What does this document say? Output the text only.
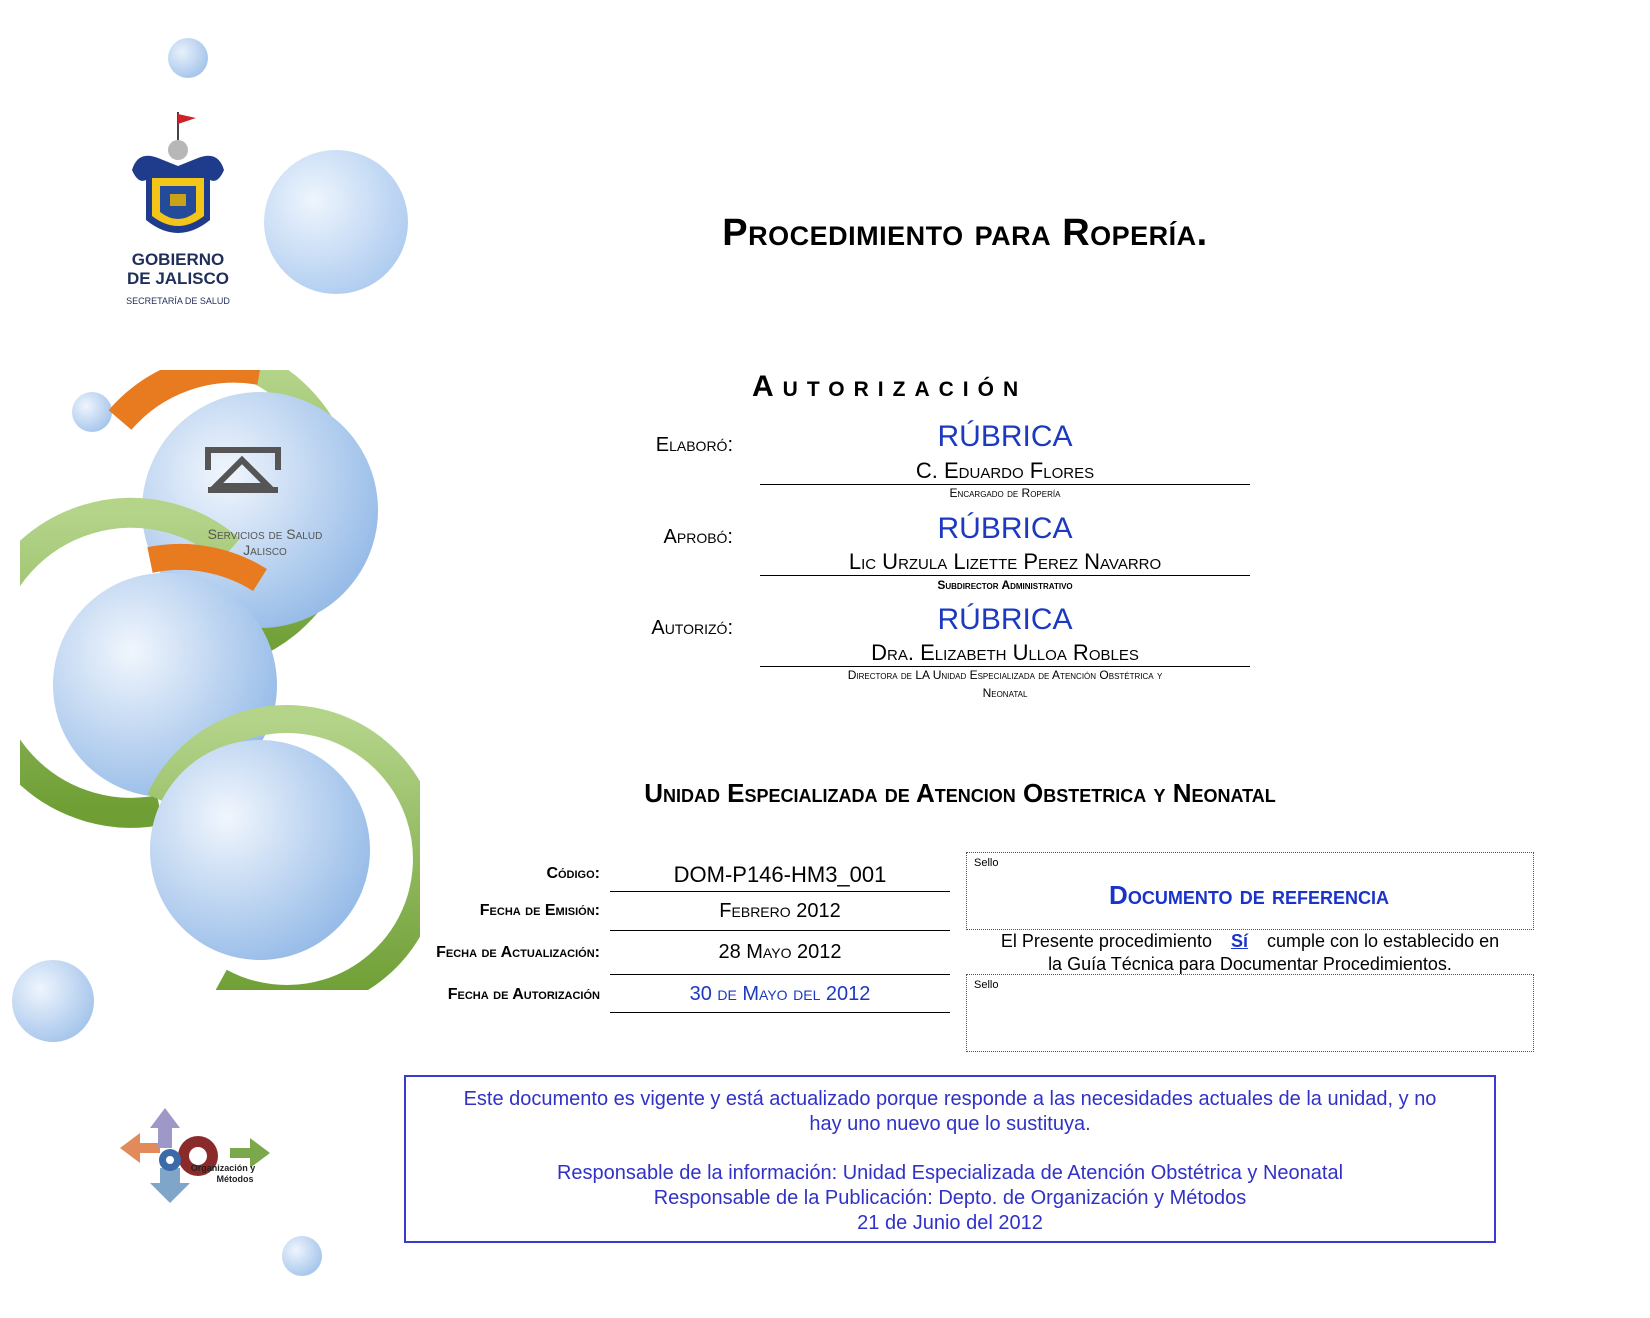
GOBIERNO
DE JALISCO
SECRETARÍA DE SALUD
Servicios de Salud
Jalisco
Organización y
Métodos
Procedimiento para Ropería.
Autorización
Elaboró:	RÚBRICA
C. Eduardo Flores
Encargado de Ropería
Aprobó:	RÚBRICA
Lic Urzula Lizette Perez Navarro
Subdirector Administrativo
Autorizó:	RÚBRICA
Dra. Elizabeth Ulloa Robles
Directora de LA Unidad Especializada de Atención Obstétrica y
Neonatal
Unidad Especializada de Atencion Obstetrica y Neonatal
Código:	DOM-P146-HM3_001
Fecha de Emisión:	Febrero 2012
Fecha de Actualización:	28 Mayo 2012
Fecha de Autorización	30 de Mayo del 2012
Sello
Documento de referencia
El Presente procedimiento Sí cumple con lo establecido en
la Guía Técnica para Documentar Procedimientos.
Sello

Este documento es vigente y está actualizado porque responde a las necesidades actuales de la unidad, y no

hay uno nuevo que lo sustituya.

Responsable de la información: Unidad Especializada de Atención Obstétrica y Neonatal

Responsable de la Publicación: Depto. de Organización y Métodos

21 de Junio del 2012
